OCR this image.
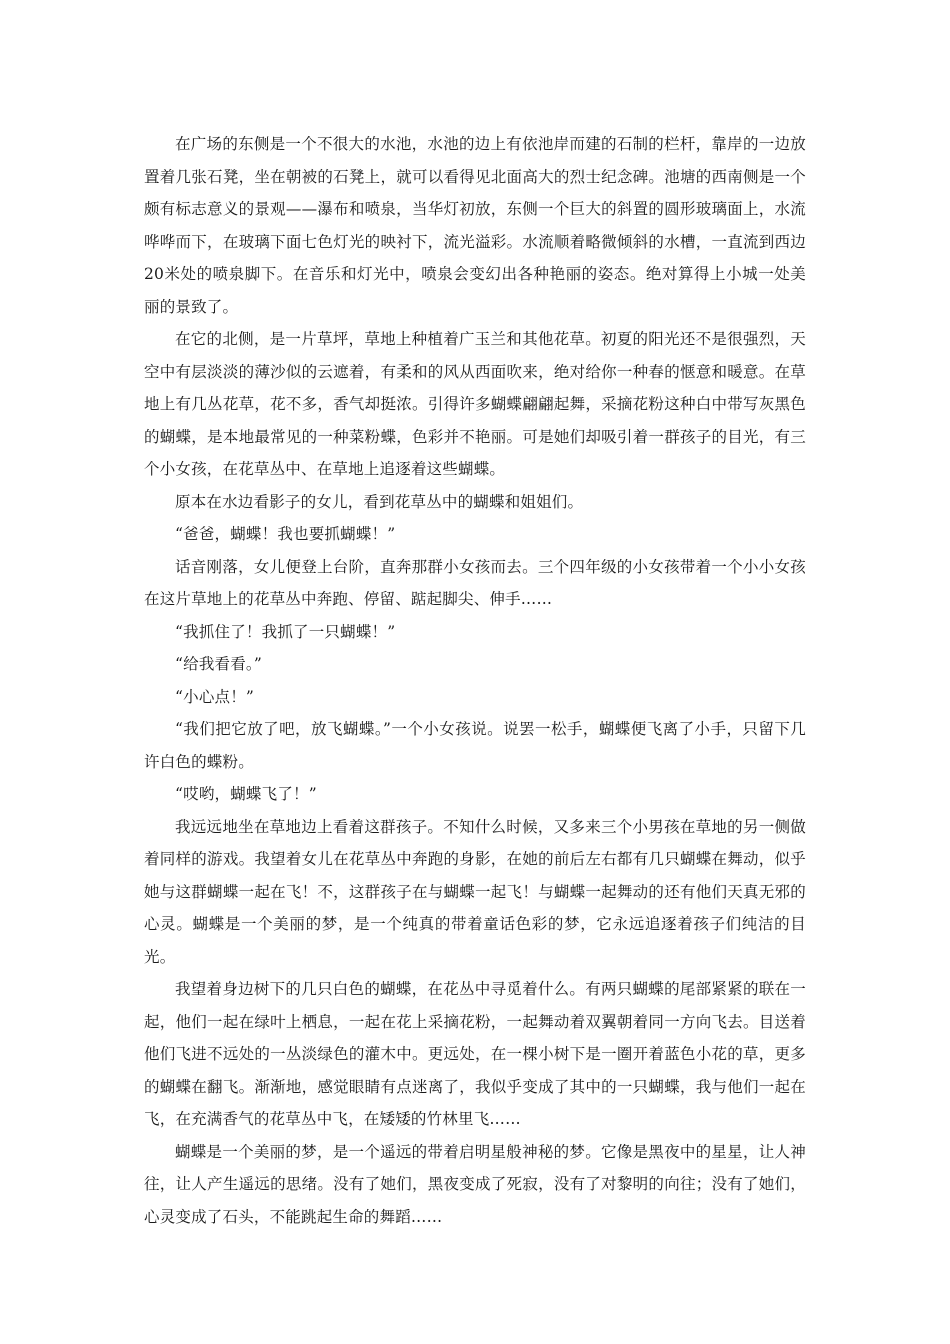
在广场的东侧是一个不很大的水池，水池的边上有依池岸而建的石制的栏杆，靠岸的一边放置着几张石凳，坐在朝被的石凳上，就可以看得见北面高大的烈士纪念碑。池塘的西南侧是一个颇有标志意义的景观——瀑布和喷泉，当华灯初放，东侧一个巨大的斜置的圆形玻璃面上，水流哗哗而下，在玻璃下面七色灯光的映衬下，流光溢彩。水流顺着略微倾斜的水槽，一直流到西边20米处的喷泉脚下。在音乐和灯光中，喷泉会变幻出各种艳丽的姿态。绝对算得上小城一处美丽的景致了。

在它的北侧，是一片草坪，草地上种植着广玉兰和其他花草。初夏的阳光还不是很强烈，天空中有层淡淡的薄沙似的云遮着，有柔和的风从西面吹来，绝对给你一种春的惬意和暖意。在草地上有几丛花草，花不多，香气却挺浓。引得许多蝴蝶翩翩起舞，采摘花粉这种白中带写灰黑色的蝴蝶，是本地最常见的一种菜粉蝶，色彩并不艳丽。可是她们却吸引着一群孩子的目光，有三个小女孩，在花草丛中、在草地上追逐着这些蝴蝶。

原本在水边看影子的女儿，看到花草丛中的蝴蝶和姐姐们。

“爸爸，蝴蝶！我也要抓蝴蝶！”

话音刚落，女儿便登上台阶，直奔那群小女孩而去。三个四年级的小女孩带着一个小小女孩在这片草地上的花草丛中奔跑、停留、踮起脚尖、伸手……

“我抓住了！我抓了一只蝴蝶！”

“给我看看。”

“小心点！”

“我们把它放了吧，放飞蝴蝶。”一个小女孩说。说罢一松手，蝴蝶便飞离了小手，只留下几许白色的蝶粉。

“哎哟，蝴蝶飞了！”

我远远地坐在草地边上看着这群孩子。不知什么时候，又多来三个小男孩在草地的另一侧做着同样的游戏。我望着女儿在花草丛中奔跑的身影，在她的前后左右都有几只蝴蝶在舞动，似乎她与这群蝴蝶一起在飞！不，这群孩子在与蝴蝶一起飞！与蝴蝶一起舞动的还有他们天真无邪的心灵。蝴蝶是一个美丽的梦，是一个纯真的带着童话色彩的梦，它永远追逐着孩子们纯洁的目光。

我望着身边树下的几只白色的蝴蝶，在花丛中寻觅着什么。有两只蝴蝶的尾部紧紧的联在一起，他们一起在绿叶上栖息，一起在花上采摘花粉，一起舞动着双翼朝着同一方向飞去。目送着他们飞进不远处的一丛淡绿色的灌木中。更远处，在一棵小树下是一圈开着蓝色小花的草，更多的蝴蝶在翻飞。渐渐地，感觉眼睛有点迷离了，我似乎变成了其中的一只蝴蝶，我与他们一起在飞，在充满香气的花草丛中飞，在矮矮的竹林里飞……

蝴蝶是一个美丽的梦，是一个遥远的带着启明星般神秘的梦。它像是黑夜中的星星，让人神往，让人产生遥远的思绪。没有了她们，黑夜变成了死寂，没有了对黎明的向往；没有了她们，心灵变成了石头，不能跳起生命的舞蹈……
